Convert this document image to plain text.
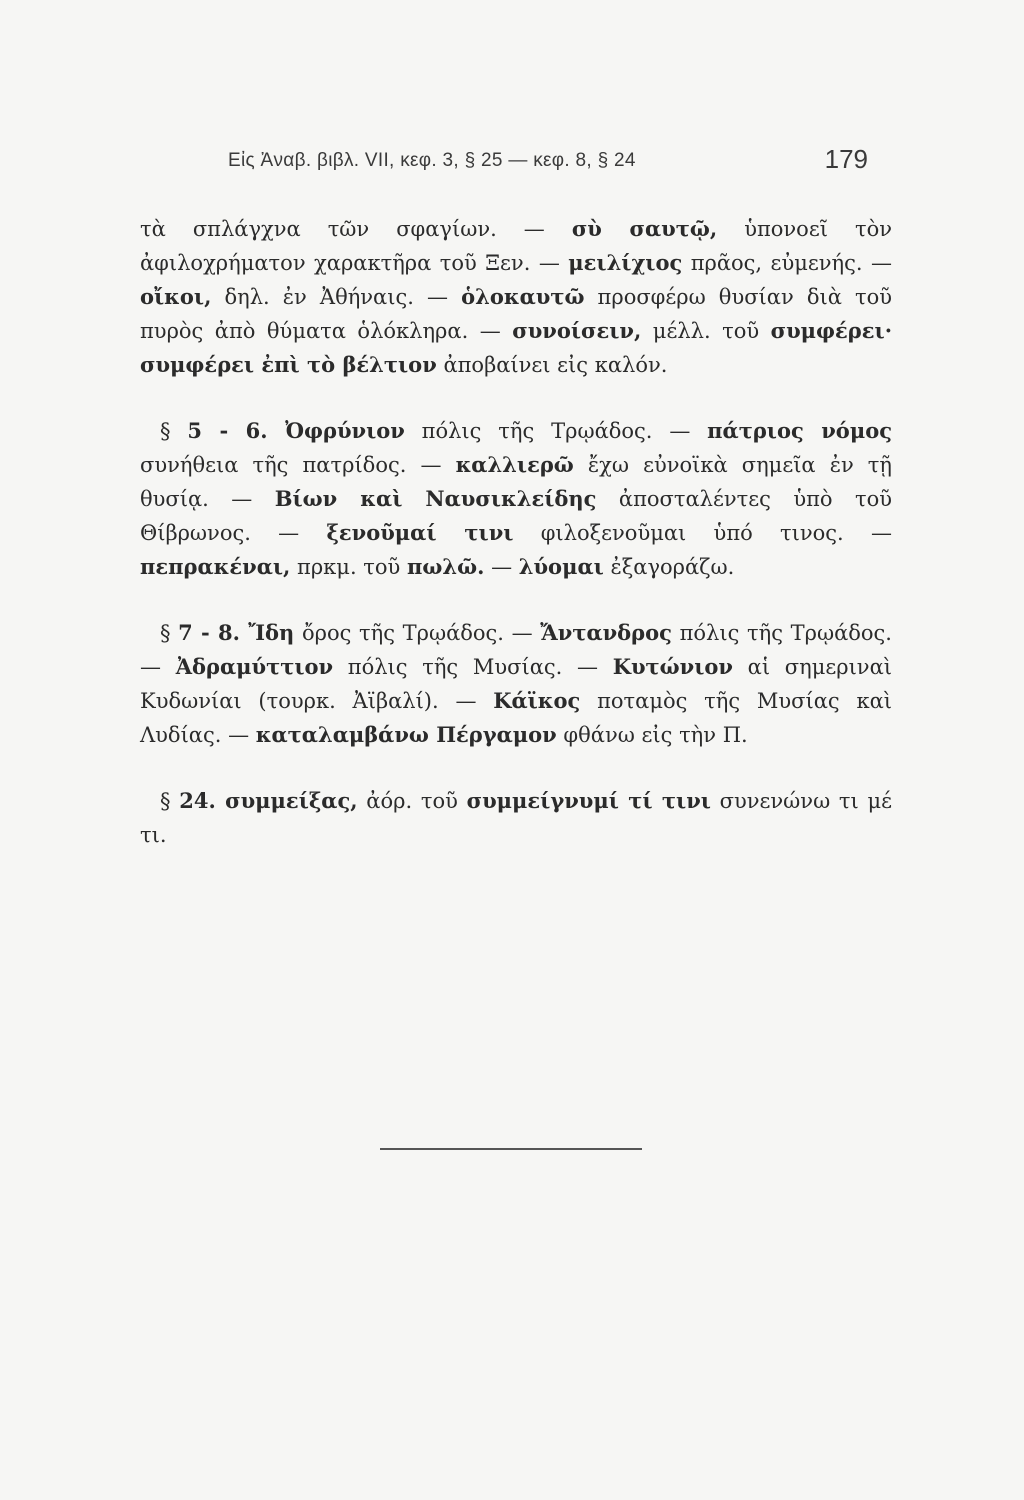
Εἰς Ἀναβ. βιβλ. VII, κεφ. 3, § 25 — κεφ. 8, § 24	179

τὰ σπλάγχνα τῶν σφαγίων. — σὺ σαυτῷ, ὑπονοεῖ τὸν ἀφιλοχρήματον χαρακτῆρα τοῦ Ξεν. — μειλίχιος πρᾶος, εὐμενής. — οἴκοι, δηλ. ἐν Ἀθήναις. — ὁλοκαυτῶ προσφέρω θυσίαν διὰ τοῦ πυρὸς ἀπὸ θύματα ὁλόκληρα. — συνοίσειν, μέλλ. τοῦ συμφέρει· συμφέρει ἐπὶ τὸ βέλτιον ἀποβαίνει εἰς καλόν.

§ 5 - 6. Ὀφρύνιον πόλις τῆς Τρῳάδος. — πάτριος νόμος συνήθεια τῆς πατρίδος. — καλλιερῶ ἔχω εὐνοϊκὰ σημεῖα ἐν τῇ θυσίᾳ. — Βίων καὶ Ναυσικλείδης ἀποσταλέντες ὑπὸ τοῦ Θίβρωνος. — ξενοῦμαί τινι φιλοξενοῦμαι ὑπό τινος. — πεπρακέναι, πρκμ. τοῦ πωλῶ. — λύομαι ἐξαγοράζω.

§ 7 - 8. Ἴδη ὄρος τῆς Τρῳάδος. — Ἄντανδρος πόλις τῆς Τρῳάδος. — Ἀδραμύττιον πόλις τῆς Μυσίας. — Κυτώνιον αἱ σημεριναὶ Κυδωνίαι (τουρκ. Ἀϊβαλί). — Κάϊκος ποταμὸς τῆς Μυσίας καὶ Λυδίας. — καταλαμβάνω Πέργαμον φθάνω εἰς τὴν Π.

§ 24. συμμείξας, ἀόρ. τοῦ συμμείγνυμί τί τινι συνενώνω τι μέ τι.
